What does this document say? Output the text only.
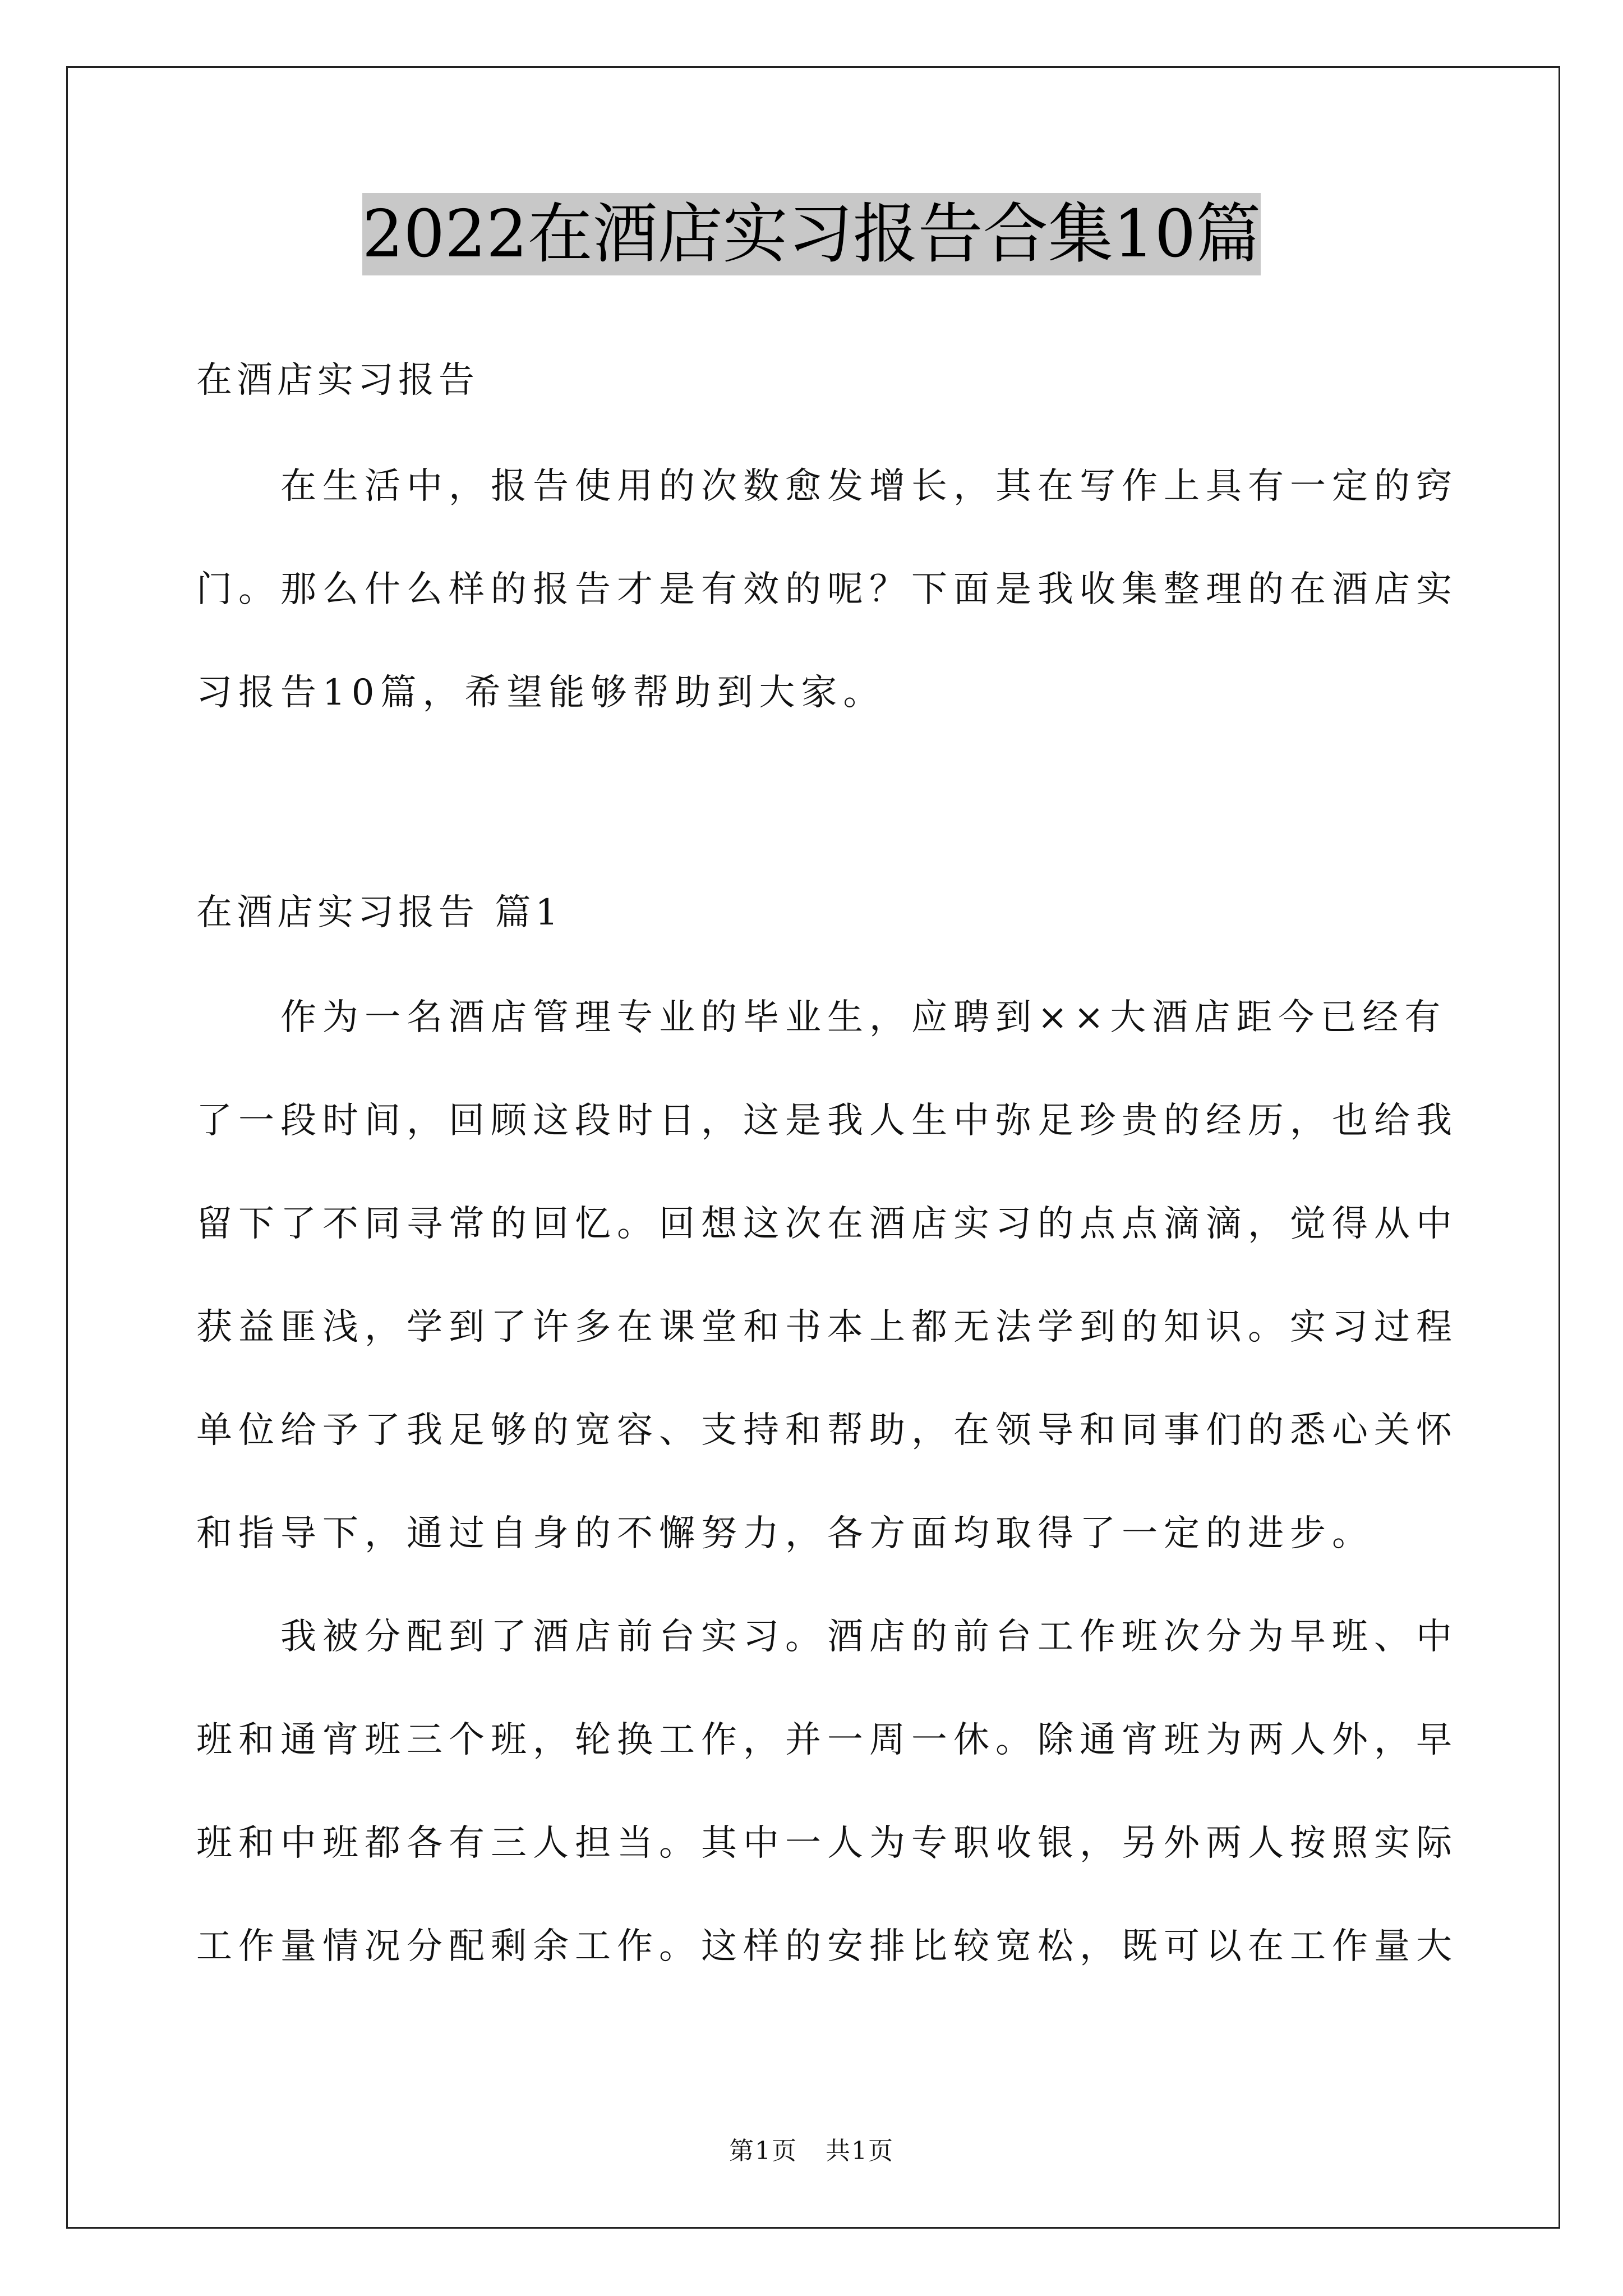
2022在酒店实习报告合集10篇
在酒店实习报告
在生活中，报告使用的次数愈发增长，其在写作上具有一定的窍
门。那么什么样的报告才是有效的呢？下面是我收集整理的在酒店实
习报告10篇，希望能够帮助到大家。
在酒店实习报告 篇1
作为一名酒店管理专业的毕业生，应聘到××大酒店距今已经有
了一段时间，回顾这段时日，这是我人生中弥足珍贵的经历，也给我
留下了不同寻常的回忆。回想这次在酒店实习的点点滴滴，觉得从中
获益匪浅，学到了许多在课堂和书本上都无法学到的知识。实习过程
单位给予了我足够的宽容、支持和帮助，在领导和同事们的悉心关怀
和指导下，通过自身的不懈努力，各方面均取得了一定的进步。
我被分配到了酒店前台实习。酒店的前台工作班次分为早班、中
班和通宵班三个班，轮换工作，并一周一休。除通宵班为两人外，早
班和中班都各有三人担当。其中一人为专职收银，另外两人按照实际
工作量情况分配剩余工作。这样的安排比较宽松，既可以在工作量大
第1页 共1页
